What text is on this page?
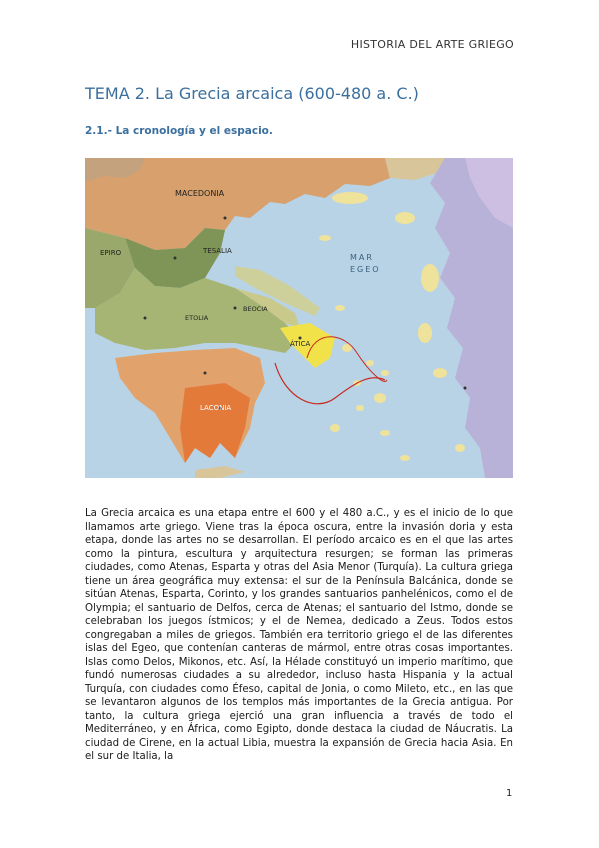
HISTORIA DEL ARTE GRIEGO
TEMA 2. La Grecia arcaica (600-480 a. C.)
2.1.- La cronología y el espacio.
MACEDONIA
EPIRO	TESALIA
ETOLIA
BEOCIA
ÁTICA
LACONIA
MAR
EGEO

La Grecia arcaica es una etapa entre el 600 y el 480 a.C., y es el inicio de lo que llamamos arte griego. Viene tras la época oscura, entre la invasión doria y esta etapa, donde las artes no se desarrollan. El período arcaico es en el que las artes como la pintura, escultura y arquitectura resurgen; se forman las primeras ciudades, como Atenas, Esparta y otras del Asia Menor (Turquía). La cultura griega tiene un área geográfica muy extensa: el sur de la Península Balcánica, donde se sitúan Atenas, Esparta, Corinto, y los grandes santuarios panhelénicos, como el de Olympia; el santuario de Delfos, cerca de Atenas; el santuario del Istmo, donde se celebraban los juegos ístmicos; y el de Nemea, dedicado a Zeus. Todos estos congregaban a miles de griegos. También era territorio griego el de las diferentes islas del Egeo, que contenían canteras de mármol, entre otras cosas importantes. Islas como Delos, Mikonos, etc. Así, la Hélade constituyó un imperio marítimo, que fundó numerosas ciudades a su alrededor, incluso hasta Hispania y la actual Turquía, con ciudades como Éfeso, capital de Jonia, o como Mileto, etc., en las que se levantaron algunos de los templos más importantes de la Grecia antigua. Por tanto, la cultura griega ejerció una gran influencia a través de todo el Mediterráneo, y en África, como Egipto, donde destaca la ciudad de Náucratis. La ciudad de Cirene, en la actual Libia, muestra la expansión de Grecia hacia Asia. En el sur de Italia, la

1
